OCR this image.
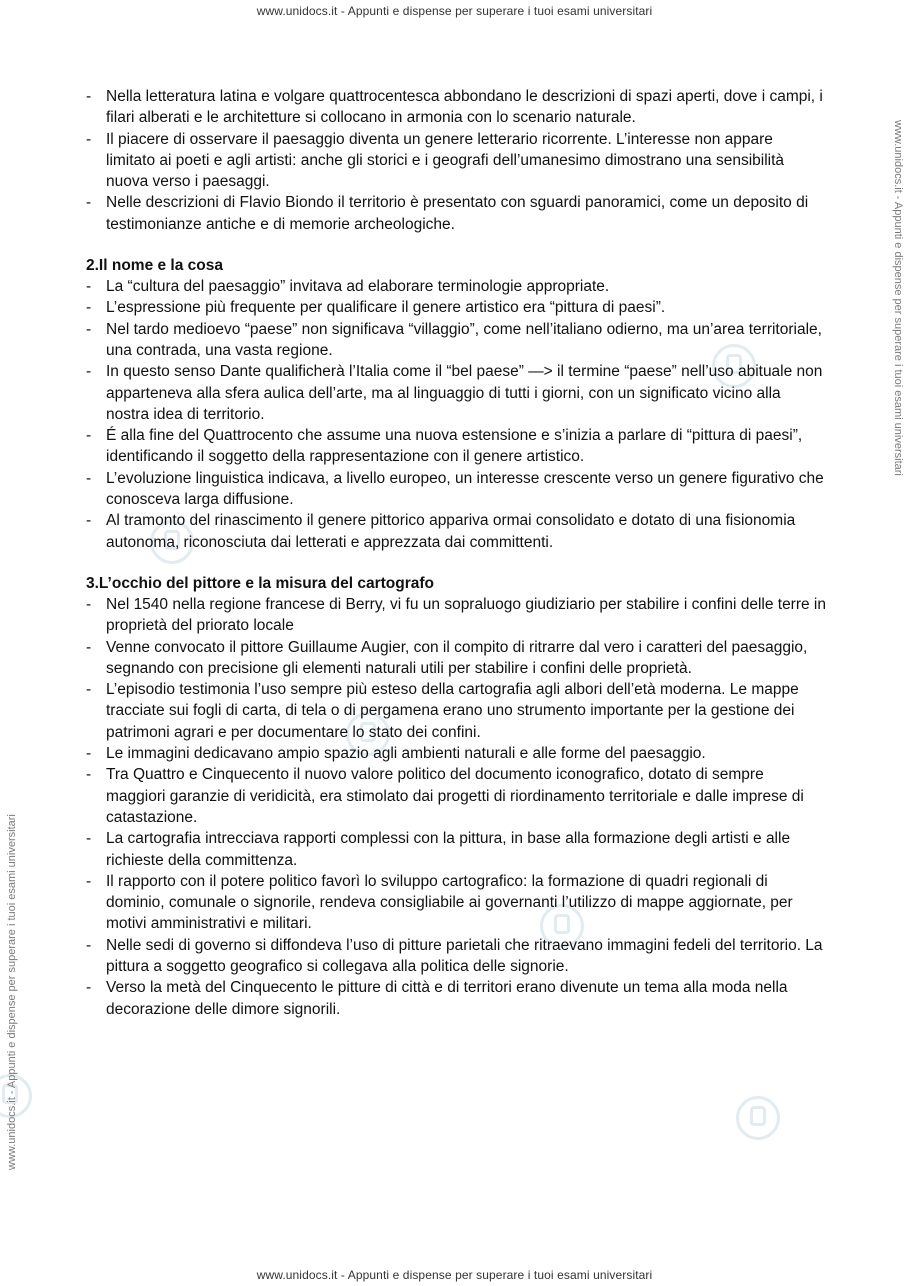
www.unidocs.it - Appunti e dispense per superare i tuoi esami universitari
www.unidocs.it - Appunti e dispense per superare i tuoi esami universitari
www.unidocs.it - Appunti e dispense per superare i tuoi esami universitari
- Nella letteratura latina e volgare quattrocentesca abbondano le descrizioni di spazi aperti, dove i campi, i filari alberati e le architetture si collocano in armonia con lo scenario naturale.
- Il piacere di osservare il paesaggio diventa un genere letterario ricorrente. L’interesse non appare limitato ai poeti e agli artisti: anche gli storici e i geografi dell’umanesimo dimostrano una sensibilità nuova verso i paesaggi.
- Nelle descrizioni di Flavio Biondo il territorio è presentato con sguardi panoramici, come un deposito di testimonianze antiche e di memorie archeologiche.
2.Il nome e la cosa
- La “cultura del paesaggio” invitava ad elaborare terminologie appropriate.
- L’espressione più frequente per qualificare il genere artistico era “pittura di paesi”.
- Nel tardo medioevo “paese” non significava “villaggio”, come nell’italiano odierno, ma un’area territoriale, una contrada, una vasta regione.
- In questo senso Dante qualificherà l’Italia come il “bel paese” —> il termine “paese” nell’uso abituale non apparteneva alla sfera aulica dell’arte, ma al linguaggio di tutti i giorni, con un significato vicino alla nostra idea di territorio.
- É alla fine del Quattrocento che assume una nuova estensione e s’inizia a parlare di “pittura di paesi”, identificando il soggetto della rappresentazione con il genere artistico.
- L’evoluzione linguistica indicava, a livello europeo, un interesse crescente verso un genere figurativo che conosceva larga diffusione.
- Al tramonto del rinascimento il genere pittorico appariva ormai consolidato e dotato di una fisionomia autonoma, riconosciuta dai letterati e apprezzata dai committenti.
3.L’occhio del pittore e la misura del cartografo
- Nel 1540 nella regione francese di Berry, vi fu un sopraluogo giudiziario per stabilire i confini delle terre in proprietà del priorato locale
- Venne convocato il pittore Guillaume Augier, con il compito di ritrarre dal vero i caratteri del paesaggio, segnando con precisione gli elementi naturali utili per stabilire i confini delle proprietà.
- L’episodio testimonia l’uso sempre più esteso della cartografia agli albori dell’età moderna. Le mappe tracciate sui fogli di carta, di tela o di pergamena erano uno strumento importante per la gestione dei patrimoni agrari e per documentare lo stato dei confini.
- Le immagini dedicavano ampio spazio agli ambienti naturali e alle forme del paesaggio.
- Tra Quattro e Cinquecento il nuovo valore politico del documento iconografico, dotato di sempre maggiori garanzie di veridicità, era stimolato dai progetti di riordinamento territoriale e dalle imprese di catastazione.
- La cartografia intrecciava rapporti complessi con la pittura, in base alla formazione degli artisti e alle richieste della committenza.
- Il rapporto con il potere politico favorì lo sviluppo cartografico: la formazione di quadri regionali di dominio, comunale o signorile, rendeva consigliabile ai governanti l’utilizzo di mappe aggiornate, per motivi amministrativi e militari.
- Nelle sedi di governo si diffondeva l’uso di pitture parietali che ritraevano immagini fedeli del territorio. La pittura a soggetto geografico si collegava alla politica delle signorie.
- Verso la metà del Cinquecento le pitture di città e di territori erano divenute un tema alla moda nella decorazione delle dimore signorili.
www.unidocs.it - Appunti e dispense per superare i tuoi esami universitari
